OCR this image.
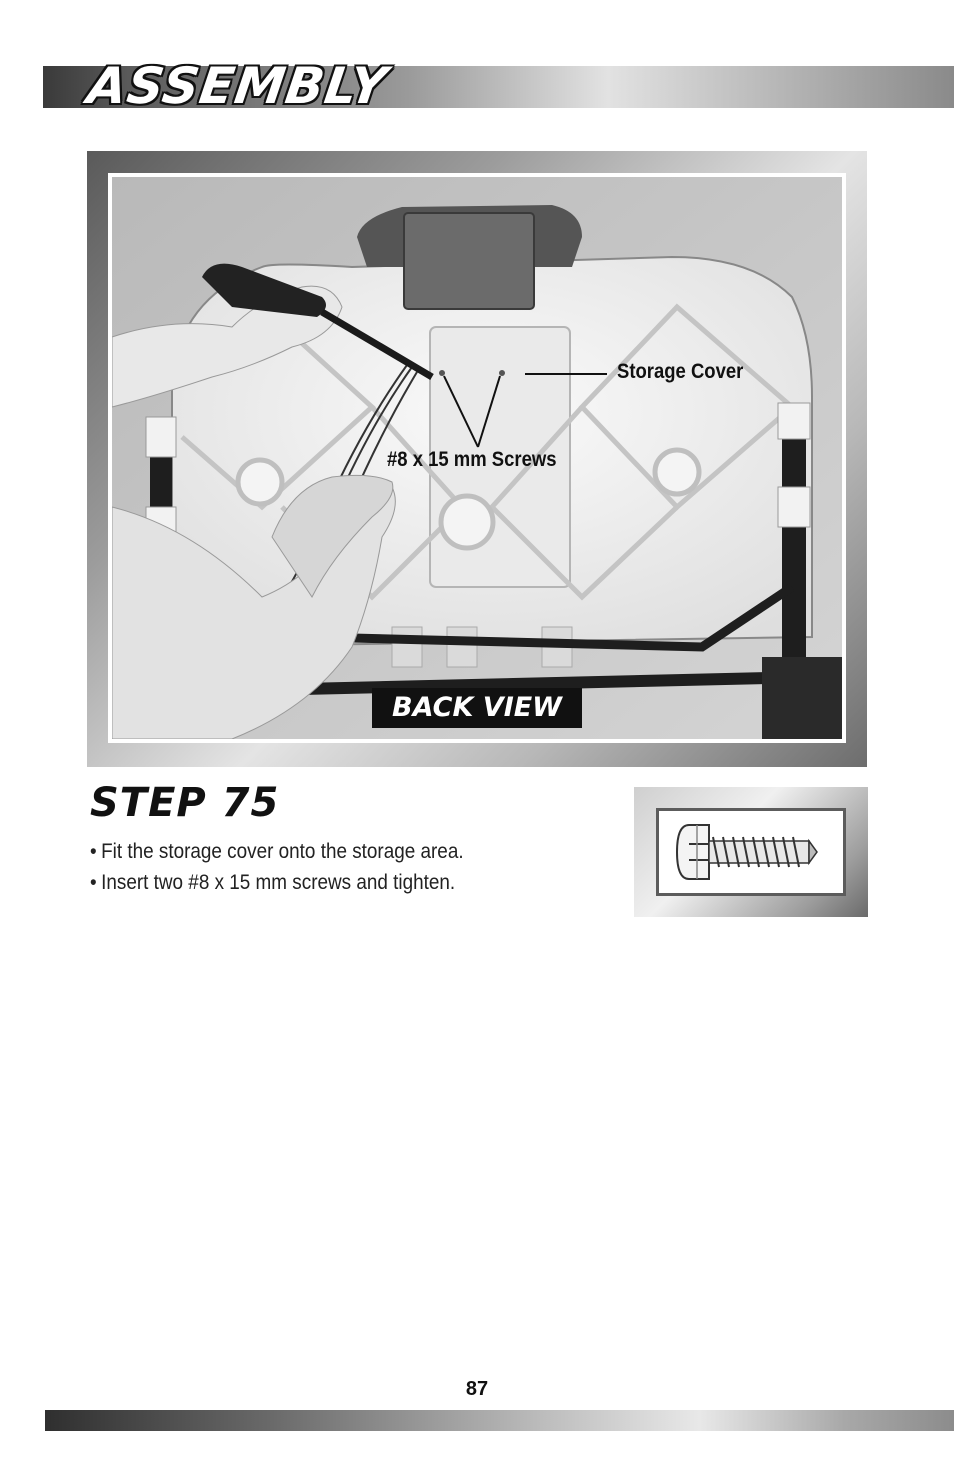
ASSEMBLY
Storage Cover
#8 x 15 mm Screws
BACK VIEW
STEP 75
• Fit the storage cover onto the storage area.
• Insert two #8 x 15 mm screws and tighten.
87
